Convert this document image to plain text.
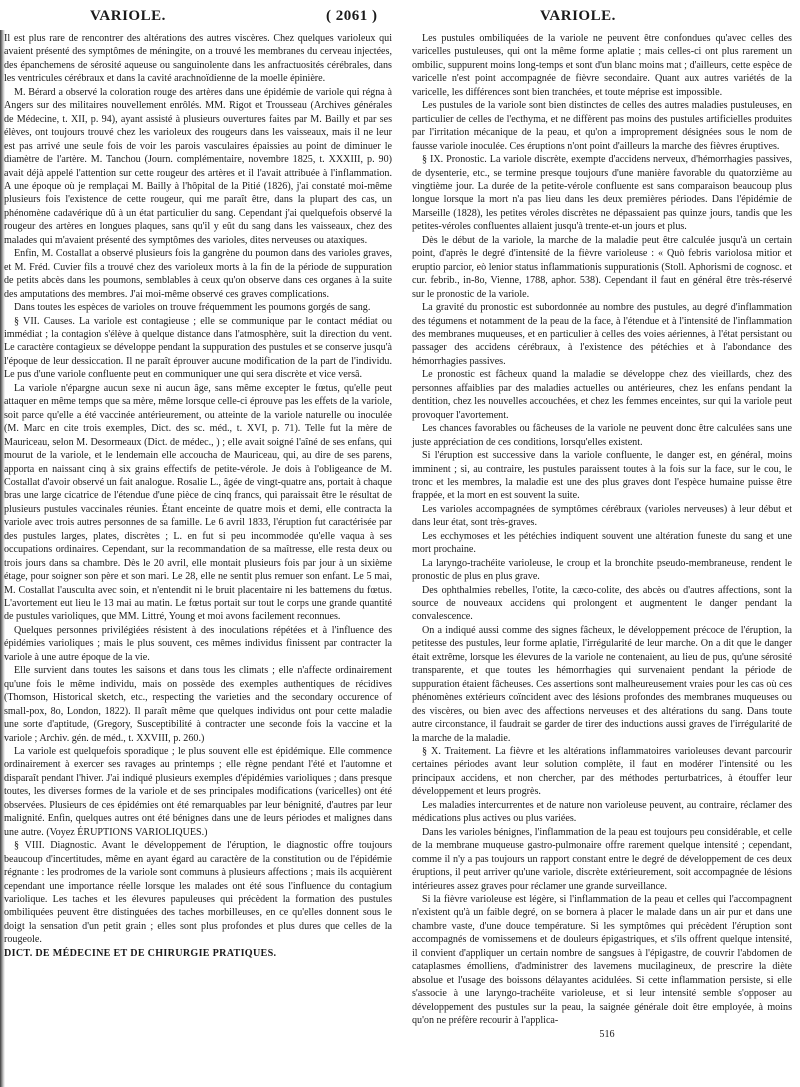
VARIOLE.	( 2061 )	VARIOLE.

Il est plus rare de rencontrer des altérations des autres viscères. Chez quelques varioleux qui avaient présenté des symptômes de méningite, on a trouvé les membranes du cerveau injectées, des épanchemens de sérosité aqueuse ou sanguinolente dans les anfractuosités cérébrales, dans les ventricules cérébraux et dans la cavité arachnoïdienne de la moelle épinière.

M. Bérard a observé la coloration rouge des artères dans une épidémie de variole qui régna à Angers sur des militaires nouvellement enrôlés. MM. Rigot et Trousseau (Archives générales de Médecine, t. XII, p. 94), ayant assisté à plusieurs ouvertures faites par M. Bailly et par ses élèves, ont toujours trouvé chez les varioleux des rougeurs dans les vaisseaux, mais il ne leur est pas arrivé une seule fois de voir les parois vasculaires épaissies au point de diminuer le diamètre de l'artère. M. Tanchou (Journ. complémentaire, novembre 1825, t. XXXIII, p. 90) avait déjà appelé l'attention sur cette rougeur des artères et il l'avait attribuée à l'inflammation. A une époque où je remplaçai M. Bailly à l'hôpital de la Pitié (1826), j'ai constaté moi-même plusieurs fois l'existence de cette rougeur, qui me paraît être, dans la plupart des cas, un phénomène cadavérique dû à un état particulier du sang. Cependant j'ai quelquefois observé la rougeur des artères en longues plaques, sans qu'il y eût du sang dans les vaisseaux, chez des malades qui m'avaient présenté des symptômes des varioles, dites nerveuses ou ataxiques.

Enfin, M. Costallat a observé plusieurs fois la gangrène du poumon dans des varioles graves, et M. Fréd. Cuvier fils a trouvé chez des varioleux morts à la fin de la période de suppuration de petits abcès dans les poumons, semblables à ceux qu'on observe dans ces organes à la suite des amputations des membres. J'ai moi-même observé ces graves complications.

Dans toutes les espèces de varioles on trouve fréquemment les poumons gorgés de sang.

§ VII. Causes. La variole est contagieuse ; elle se communique par le contact médiat ou immédiat ; la contagion s'élève à quelque distance dans l'atmosphère, suit la direction du vent. Le caractère contagieux se développe pendant la suppuration des pustules et se conserve jusqu'à l'époque de leur dessiccation. Il ne paraît éprouver aucune modification de la part de l'individu. Le pus d'une variole confluente peut en communiquer une qui sera discrète et vice versâ.

La variole n'épargne aucun sexe ni aucun âge, sans même excepter le fœtus, qu'elle peut attaquer en même temps que sa mère, même lorsque celle-ci éprouve pas les effets de la variole, soit parce qu'elle a été vaccinée antérieurement, ou atteinte de la variole naturelle ou inoculée (M. Marc en cite trois exemples, Dict. des sc. méd., t. XVI, p. 71). Telle fut la mère de Mauriceau, selon M. Desormeaux (Dict. de médec., ) ; elle avait soigné l'aîné de ses enfans, qui mourut de la variole, et le lendemain elle accoucha de Mauriceau, qui, au dire de ses parens, apporta en naissant cinq à six grains effectifs de petite-vérole. Je dois à l'obligeance de M. Costallat d'avoir observé un fait analogue. Rosalie L., âgée de vingt-quatre ans, portait à chaque bras une large cicatrice de l'étendue d'une pièce de cinq francs, qui paraissait être le résultat de plusieurs pustules vaccinales réunies. Étant enceinte de quatre mois et demi, elle contracta la variole avec trois autres personnes de sa famille. Le 6 avril 1833, l'éruption fut caractérisée par des pustules larges, plates, discrètes ; L. en fut si peu incommodée qu'elle vaqua à ses occupations ordinaires. Cependant, sur la recommandation de sa maîtresse, elle resta deux ou trois jours dans sa chambre. Dès le 20 avril, elle montait plusieurs fois par jour à un sixième étage, pour soigner son père et son mari. Le 28, elle ne sentit plus remuer son enfant. Le 5 mai, M. Costallat l'ausculta avec soin, et n'entendit ni le bruit placentaire ni les battemens du fœtus. L'avortement eut lieu le 13 mai au matin. Le fœtus portait sur tout le corps une grande quantité de pustules varioliques, que MM. Littré, Young et moi avons facilement reconnues.

Quelques personnes privilégiées résistent à des inoculations répétées et à l'influence des épidémies varioliques ; mais le plus souvent, ces mêmes individus finissent par contracter la variole à une autre époque de la vie.

Elle survient dans toutes les saisons et dans tous les climats ; elle n'affecte ordinairement qu'une fois le même individu, mais on possède des exemples authentiques de récidives (Thomson, Historical sketch, etc., respecting the varieties and the secondary occurence of small-pox, 8o, London, 1822). Il paraît même que quelques individus ont pour cette maladie une sorte d'aptitude, (Gregory, Susceptibilité à contracter une seconde fois la vaccine et la variole ; Archiv. gén. de méd., t. XXVIII, p. 260.)

La variole est quelquefois sporadique ; le plus souvent elle est épidémique. Elle commence ordinairement à exercer ses ravages au printemps ; elle règne pendant l'été et l'automne et disparaît pendant l'hiver. J'ai indiqué plusieurs exemples d'épidémies varioliques ; dans presque toutes, les diverses formes de la variole et de ses principales modifications (varicelles) ont été observées. Plusieurs de ces épidémies ont été remarquables par leur bénignité, d'autres par leur malignité. Enfin, quelques autres ont été bénignes dans une de leurs périodes et malignes dans une autre. (Voyez ÉRUPTIONS VARIOLIQUES.)

§ VIII. Diagnostic. Avant le développement de l'éruption, le diagnostic offre toujours beaucoup d'incertitudes, même en ayant égard au caractère de la constitution ou de l'épidémie régnante : les prodromes de la variole sont communs à plusieurs affections ; mais ils acquièrent cependant une importance réelle lorsque les malades ont été sous l'influence du contagium variolique. Les taches et les élevures papuleuses qui précèdent la formation des pustules ombiliquées peuvent être distinguées des taches morbilleuses, en ce qu'elles donnent sous le doigt la sensation d'un petit grain ; elles sont plus profondes et plus dures que celles de la rougeole.

DICT. DE MÉDECINE ET DE CHIRURGIE PRATIQUES.

Les pustules ombiliquées de la variole ne peuvent être confondues qu'avec celles des varicelles pustuleuses, qui ont la même forme aplatie ; mais celles-ci ont plus rarement un ombilic, suppurent moins long-temps et sont d'un blanc moins mat ; d'ailleurs, cette espèce de varicelle n'est point accompagnée de fièvre secondaire. Quant aux autres variétés de la varicelle, les différences sont bien tranchées, et toute méprise est impossible.

Les pustules de la variole sont bien distinctes de celles des autres maladies pustuleuses, en particulier de celles de l'ecthyma, et ne diffèrent pas moins des pustules artificielles produites par l'irritation mécanique de la peau, et qu'on a improprement désignées sous le nom de fausse variole inoculée. Ces éruptions n'ont point d'ailleurs la marche des fièvres éruptives.

§ IX. Pronostic. La variole discrète, exempte d'accidens nerveux, d'hémorrhagies passives, de dysenterie, etc., se termine presque toujours d'une manière favorable du quatorzième au vingtième jour. La durée de la petite-vérole confluente est sans comparaison beaucoup plus longue lorsque la mort n'a pas lieu dans les deux premières périodes. Dans l'épidémie de Marseille (1828), les petites véroles discrètes ne dépassaient pas quinze jours, tandis que les petites-véroles confluentes allaient jusqu'à trente-et-un jours et plus.

Dès le début de la variole, la marche de la maladie peut être calculée jusqu'à un certain point, d'après le degré d'intensité de la fièvre varioleuse : « Quò febris variolosa mitior et eruptio parcior, eò lenior status inflammationis suppurationis (Stoll. Aphorismi de cognosc. et cur. febrib., in-8o, Vienne, 1788, aphor. 538). Cependant il faut en général être très-réservé sur le pronostic de la variole.

La gravité du pronostic est subordonnée au nombre des pustules, au degré d'inflammation des tégumens et notamment de la peau de la face, à l'étendue et à l'intensité de l'inflammation des membranes muqueuses, et en particulier à celles des voies aériennes, à l'état persistant ou passager des accidens cérébraux, à l'existence des pétéchies et à l'abondance des hémorrhagies passives.

Le pronostic est fâcheux quand la maladie se développe chez des vieillards, chez des personnes affaiblies par des maladies actuelles ou antérieures, chez les enfans pendant la dentition, chez les nouvelles accouchées, et chez les femmes enceintes, sur qui la variole peut provoquer l'avortement.

Les chances favorables ou fâcheuses de la variole ne peuvent donc être calculées sans une juste appréciation de ces conditions, lorsqu'elles existent.

Si l'éruption est successive dans la variole confluente, le danger est, en général, moins imminent ; si, au contraire, les pustules paraissent toutes à la fois sur la face, sur le cou, le tronc et les membres, la maladie est une des plus graves dont l'espèce humaine puisse être frappée, et la mort en est souvent la suite.

Les varioles accompagnées de symptômes cérébraux (varioles nerveuses) à leur début et dans leur état, sont très-graves.

Les ecchymoses et les pétéchies indiquent souvent une altération funeste du sang et une mort prochaine.

La laryngo-trachéite varioleuse, le croup et la bronchite pseudo-membraneuse, rendent le pronostic de plus en plus grave.

Des ophthalmies rebelles, l'otite, la cæco-colite, des abcès ou d'autres affections, sont la source de nouveaux accidens qui prolongent et augmentent le danger pendant la convalescence.

On a indiqué aussi comme des signes fâcheux, le développement précoce de l'éruption, la petitesse des pustules, leur forme aplatie, l'irrégularité de leur marche. On a dit que le danger était extrême, lorsque les élevures de la variole ne contenaient, au lieu de pus, qu'une sérosité transparente, et que toutes les hémorrhagies qui survenaient pendant la période de suppuration étaient fâcheuses. Ces assertions sont malheureusement vraies pour les cas où ces phénomènes extérieurs coïncident avec des lésions profondes des membranes muqueuses ou des viscères, ou bien avec des affections nerveuses et des altérations du sang. Dans toute autre circonstance, il faudrait se garder de tirer des inductions aussi graves de l'irrégularité de la marche de la maladie.

§ X. Traitement. La fièvre et les altérations inflammatoires varioleuses devant parcourir certaines périodes avant leur solution complète, il faut en modérer l'intensité ou les principaux accidens, et non chercher, par des méthodes perturbatrices, à étouffer leur développement et leurs progrès.

Les maladies intercurrentes et de nature non varioleuse peuvent, au contraire, réclamer des médications plus actives ou plus variées.

Dans les varioles bénignes, l'inflammation de la peau est toujours peu considérable, et celle de la membrane muqueuse gastro-pulmonaire offre rarement quelque intensité ; cependant, comme il n'y a pas toujours un rapport constant entre le degré de développement de ces deux éruptions, il peut arriver qu'une variole, discrète extérieurement, soit accompagnée de lésions intérieures assez graves pour réclamer une grande surveillance.

Si la fièvre varioleuse est légère, si l'inflammation de la peau et celles qui l'accompagnent n'existent qu'à un faible degré, on se bornera à placer le malade dans un air pur et dans une chambre vaste, d'une douce température. Si les symptômes qui précèdent l'éruption sont accompagnés de vomissemens et de douleurs épigastriques, et s'ils offrent quelque intensité, il convient d'appliquer un certain nombre de sangsues à l'épigastre, de couvrir l'abdomen de cataplasmes émolliens, d'administrer des lavemens mucilagineux, de prescrire la diète absolue et l'usage des boissons délayantes acidulées. Si cette inflammation persiste, si elle s'associe à une laryngo-trachéite varioleuse, et si leur intensité semble s'opposer au développement des pustules sur la peau, la saignée générale doit être employée, à moins qu'on ne préfère recourir à l'applica-

516
